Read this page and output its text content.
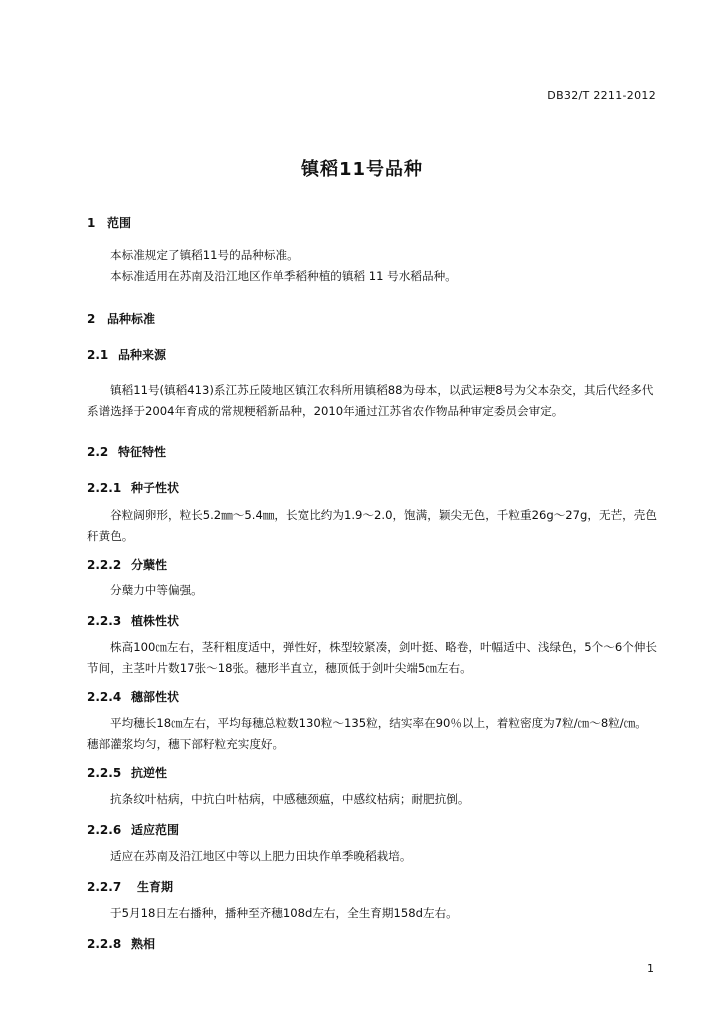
DB32/T 2211-2012
镇稻11号品种
1 范围
本标准规定了镇稻11号的品种标准。
本标准适用在苏南及沿江地区作单季稻种植的镇稻 11 号水稻品种。
2 品种标准
2.1 品种来源
镇稻11号(镇稻413)系江苏丘陵地区镇江农科所用镇稻88为母本，以武运粳8号为父本杂交，其后代经多代系谱选择于2004年育成的常规粳稻新品种，2010年通过江苏省农作物品种审定委员会审定。
2.2 特征特性
2.2.1 种子性状
谷粒阔卵形，粒长5.2㎜～5.4㎜，长宽比约为1.9～2.0，饱满，颖尖无色，千粒重26g～27g，无芒，壳色秆黄色。
2.2.2 分蘖性
分蘖力中等偏强。
2.2.3 植株性状
株高100㎝左右，茎秆粗度适中，弹性好，株型较紧凑，剑叶挺、略卷，叶幅适中、浅绿色，5个～6个伸长节间，主茎叶片数17张～18张。穗形半直立，穗顶低于剑叶尖端5㎝左右。
2.2.4 穗部性状
平均穗长18㎝左右，平均每穗总粒数130粒～135粒，结实率在90％以上，着粒密度为7粒/㎝～8粒/㎝。穗部灌浆均匀，穗下部籽粒充实度好。
2.2.5 抗逆性
抗条纹叶枯病，中抗白叶枯病，中感穗颈瘟，中感纹枯病；耐肥抗倒。
2.2.6 适应范围
适应在苏南及沿江地区中等以上肥力田块作单季晚稻栽培。
2.2.7 生育期
于5月18日左右播种，播种至齐穗108d左右，全生育期158d左右。
2.2.8 熟相
1
